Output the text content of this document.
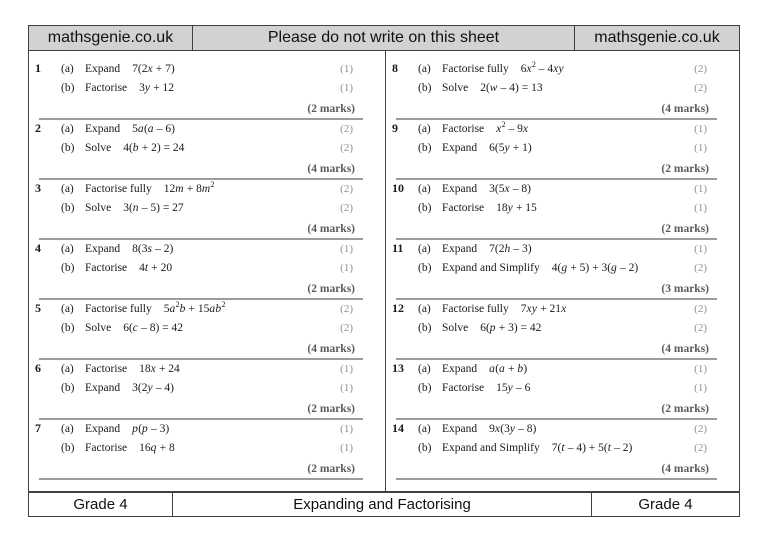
mathsgenie.co.uk	Please do not write on this sheet	mathsgenie.co.uk
1	(a) Expand 7(2x + 7)	(1)
(b) Factorise 3y + 12	(1)
(2 marks)
2	(a) Expand 5a(a – 6)	(2)
(b) Solve 4(b + 2) = 24	(2)
(4 marks)
3	(a) Factorise fully $12m + 8m^2$	(2)
(b) Solve 3(n – 5) = 27	(2)
(4 marks)
4	(a) Expand 8(3s – 2)	(1)
(b) Factorise 4t + 20	(1)
(2 marks)
5	(a) Factorise fully $5a^2b + 15ab^2$	(2)
(b) Solve 6(c – 8) = 42	(2)
(4 marks)
6	(a) Factorise 18x + 24	(1)
(b) Expand 3(2y – 4)	(1)
(2 marks)
7	(a) Expand p(p – 3)	(1)
(b) Factorise 16q + 8	(1)
(2 marks)
8	(a) Factorise fully $6x^2 - 4xy$	(2)
(b) Solve 2(w – 4) = 13	(2)
(4 marks)
9	(a) Factorise $x^2 - 9x$	(1)
(b) Expand 6(5y + 1)	(1)
(2 marks)
10	(a) Expand 3(5x – 8)	(1)
(b) Factorise 18y + 15	(1)
(2 marks)
11	(a) Expand 7(2h – 3)	(1)
(b) Expand and Simplify 4(g + 5) + 3(g – 2)	(2)
(3 marks)
12	(a) Factorise fully 7xy + 21x	(2)
(b) Solve 6(p + 3) = 42	(2)
(4 marks)
13	(a) Expand a(a + b)	(1)
(b) Factorise 15y – 6	(1)
(2 marks)
14	(a) Expand 9x(3y – 8)	(2)
(b) Expand and Simplify 7(t – 4) + 5(t – 2)	(2)
(4 marks)
Grade 4	Expanding and Factorising	Grade 4
